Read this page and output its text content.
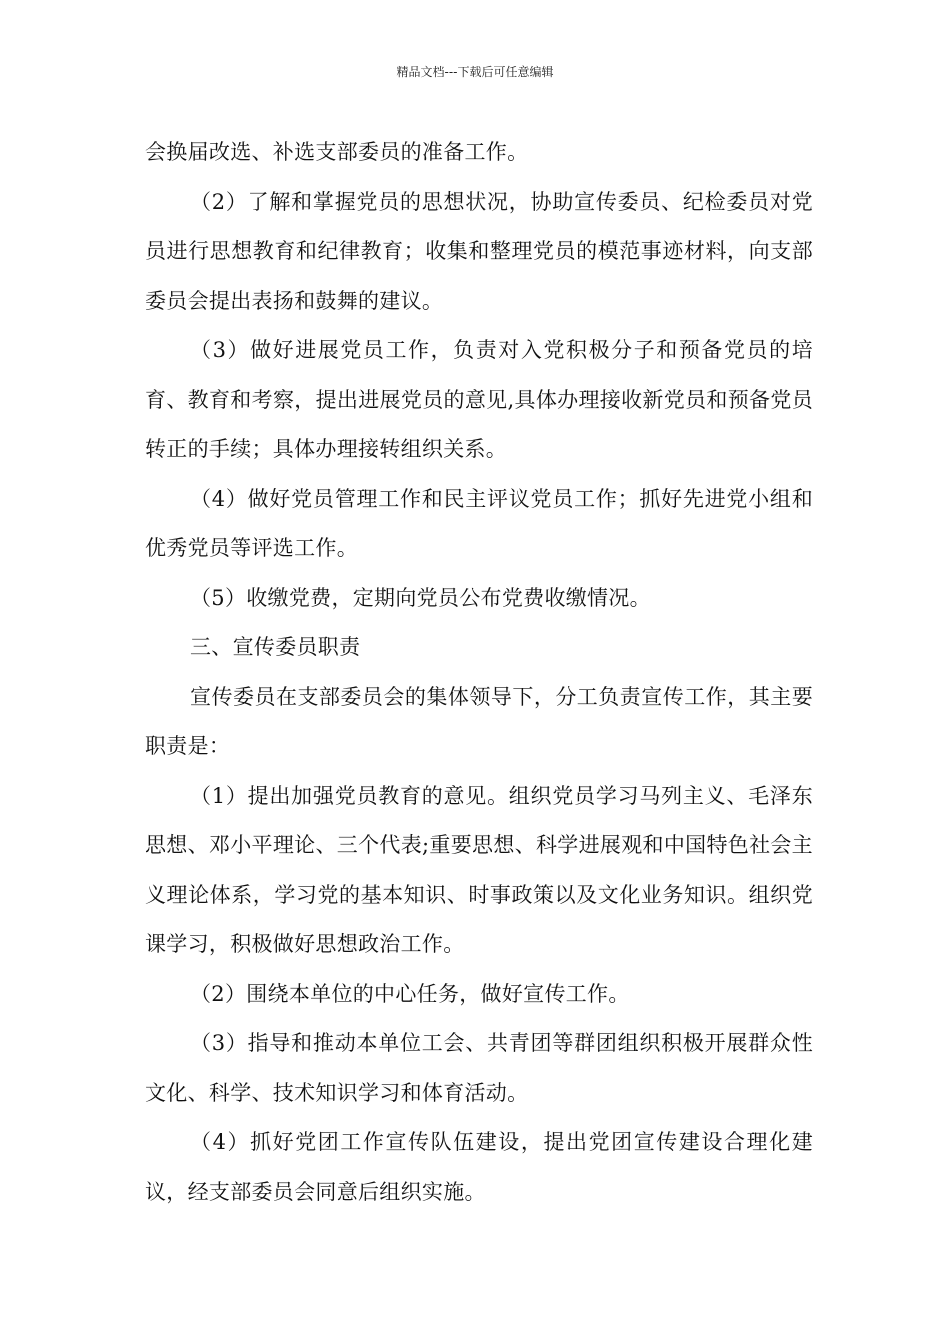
精品文档---下载后可任意编辑

会换届改选、补选支部委员的准备工作。

（2）了解和掌握党员的思想状况，协助宣传委员、纪检委员对党员进行思想教育和纪律教育；收集和整理党员的模范事迹材料，向支部委员会提出表扬和鼓舞的建议。

（3）做好进展党员工作，负责对入党积极分子和预备党员的培育、教育和考察，提出进展党员的意见,具体办理接收新党员和预备党员转正的手续；具体办理接转组织关系。

（4）做好党员管理工作和民主评议党员工作；抓好先进党小组和优秀党员等评选工作。

（5）收缴党费，定期向党员公布党费收缴情况。

三、宣传委员职责

宣传委员在支部委员会的集体领导下，分工负责宣传工作，其主要职责是：

（1）提出加强党员教育的意见。组织党员学习马列主义、毛泽东思想、邓小平理论、三个代表;重要思想、科学进展观和中国特色社会主义理论体系，学习党的基本知识、时事政策以及文化业务知识。组织党课学习，积极做好思想政治工作。

（2）围绕本单位的中心任务，做好宣传工作。

（3）指导和推动本单位工会、共青团等群团组织积极开展群众性文化、科学、技术知识学习和体育活动。

（4）抓好党团工作宣传队伍建设，提出党团宣传建设合理化建议，经支部委员会同意后组织实施。
